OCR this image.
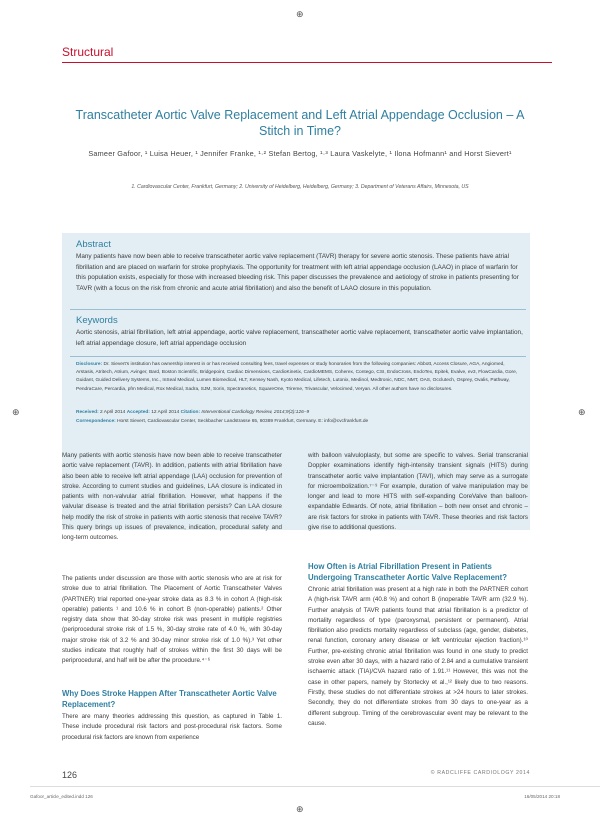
⊕
⊕	⊕
⊕
Structural
Transcatheter Aortic Valve Replacement and Left Atrial Appendage Occlusion – A Stitch in Time?
Sameer Gafoor, ¹ Luisa Heuer, ¹ Jennifer Franke, ¹·² Stefan Bertog, ¹·³ Laura Vaskelyte, ¹ Ilona Hofmann¹ and Horst Sievert¹
1. Cardiovascular Center, Frankfurt, Germany; 2. University of Heidelberg, Heidelberg, Germany; 3. Department of Veterans Affairs, Minnesota, US
Abstract

Many patients have now been able to receive transcatheter aortic valve replacement (TAVR) therapy for severe aortic stenosis. These patients have atrial fibrillation and are placed on warfarin for stroke prophylaxis. The opportunity for treatment with left atrial appendage occlusion (LAAO) in place of warfarin for this population exists, especially for those with increased bleeding risk. This paper discusses the prevalence and aetiology of stroke in patients presenting for TAVR (with a focus on the risk from chronic and acute atrial fibrillation) and also the benefit of LAAO closure in this population.

Keywords

Aortic stenosis, atrial fibrillation, left atrial appendage, aortic valve replacement, transcatheter aortic valve replacement, transcatheter aortic valve implantation, left atrial appendage closure, left atrial appendage occlusion

Disclosure: Dr. Sievert's institution has ownership interest in or has received consulting fees, travel expenses or study honoraries from the following companies: Abbott, Access Closure, AGA, Angiomed, Arstasis, Atritech, Atrium, Avinger, Bard, Boston Scientific, Bridgepoint, Cardiac Dimensions, CardioKinetix, CardioMEMS, Coherex, Contego, CSI, EndoCross, EndoTex, Epitek, Evalve, ev3, FlowCardia, Gore, Guidant, Guided Delivery Systems, Inc., InSeal Medical, Lumen Biomedical, HLT, Kensey Nash, Kyoto Medical, Lifetech, Lutonix, Medinol, Medtronic, NDC, NMT, OAS, Occlutech, Osprey, Ovalis, Pathway, PendraCare, Percardia, pfm Medical, Rox Medical, Sadra, SJM, Sorin, Spectranetics, SquareOne, Trireme, Trivascular, Velocimed, Veryan. All other authors have no disclosures.

Received: 2 April 2014 Accepted: 12 April 2014 Citation: Interventional Cardiology Review, 2014;9(2):126–9

Correspondence: Horst Sievert, Cardiovascular Center, Seckbacher Landstrasse 65, 60389 Frankfurt, Germany. E: info@cvcfrankfurt.de

Many patients with aortic stenosis have now been able to receive transcatheter aortic valve replacement (TAVR). In addition, patients with atrial fibrillation have also been able to receive left atrial appendage (LAA) occlusion for prevention of stroke. According to current studies and guidelines, LAA closure is indicated in patients with non-valvular atrial fibrillation. However, what happens if the valvular disease is treated and the atrial fibrillation persists? Can LAA closure help modify the risk of stroke in patients with aortic stenosis that receive TAVR? This query brings up issues of prevalence, indication, procedural safety and long-term outcomes.

The patients under discussion are those with aortic stenosis who are at risk for stroke due to atrial fibrillation. The Placement of Aortic Transcatheter Valves (PARTNER) trial reported one-year stroke data as 8.3 % in cohort A (high-risk operable) patients ¹ and 10.6 % in cohort B (non-operable) patients.² Other registry data show that 30-day stroke risk was present in multiple registries (periprocedural stroke risk of 1.5 %, 30-day stroke rate of 4.0 %, with 30-day major stroke risk of 3.2 % and 30-day minor stroke risk of 1.0 %).³ Yet other studies indicate that roughly half of strokes within the first 30 days will be periprocedural, and half will be after the procedure.⁴⁻⁶

Why Does Stroke Happen After Transcatheter Aortic Valve Replacement?

There are many theories addressing this question, as captured in Table 1. These include procedural risk factors and post-procedural risk factors. Some procedural risk factors are known from experience

with balloon valvuloplasty, but some are specific to valves. Serial transcranial Doppler examinations identify high-intensity transient signals (HITS) during transcatheter aortic valve implantation (TAVI), which may serve as a surrogate for microembolization.⁷⁻⁹ For example, duration of valve manipulation may be longer and lead to more HITS with self-expanding CoreValve than balloon-expandable Edwards. Of note, atrial fibrillation – both new onset and chronic – are risk factors for stroke in patients with TAVR. These theories and risk factors give rise to additional questions.

How Often is Atrial Fibrillation Present in Patients Undergoing Transcatheter Aortic Valve Replacement?

Chronic atrial fibrillation was present at a high rate in both the PARTNER cohort A (high-risk TAVR arm (40.8 %) and cohort B (inoperable TAVR arm (32.9 %). Further analysis of TAVR patients found that atrial fibrillation is a predictor of mortality regardless of type (paroxysmal, persistent or permanent). Atrial fibrillation also predicts mortality regardless of subclass (age, gender, diabetes, renal function, coronary artery disease or left ventricular ejection fraction).¹⁰ Further, pre-existing chronic atrial fibrillation was found in one study to predict stroke even after 30 days, with a hazard ratio of 2.84 and a cumulative transient ischaemic attack (TIA)/CVA hazard ratio of 1.91.¹¹ However, this was not the case in other papers, namely by Stortecky et al.,¹² likely due to two reasons. Firstly, these studies do not differentiate strokes at >24 hours to later strokes. Secondly, they do not differentiate strokes from 30 days to one-year as a different subgroup. Timing of the cerebrovascular event may be relevant to the cause.

126	© RADCLIFFE CARDIOLOGY 2014
Gafoor_article_edited.indd 126	16/05/2014 20:18
